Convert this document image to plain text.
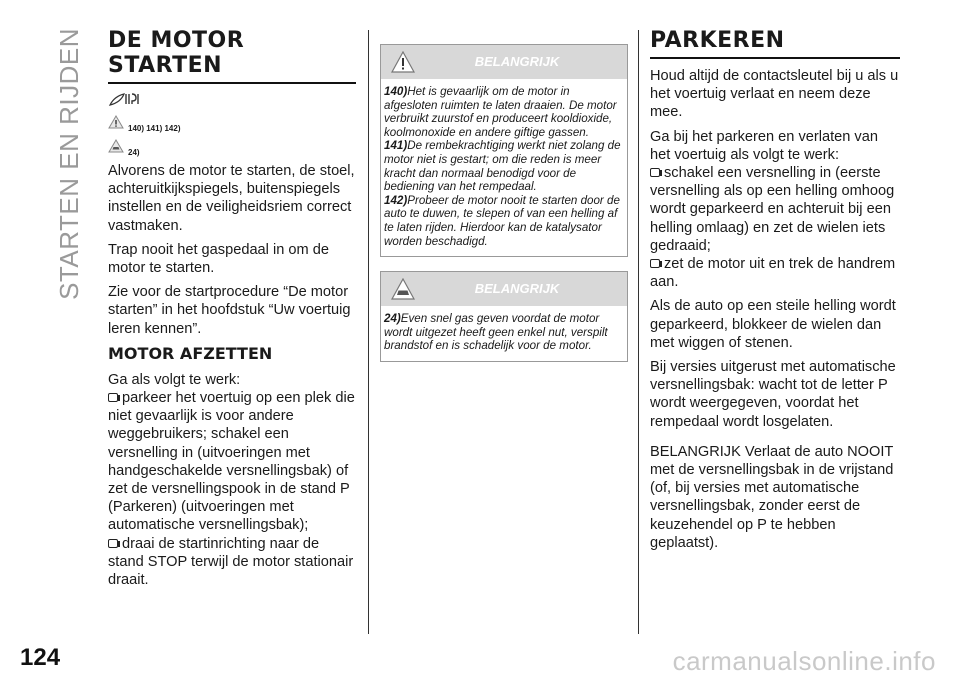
STARTEN EN RIJDEN
124	carmanualsonline.info
DE MOTOR STARTEN
140) 141) 142)
24)

Alvorens de motor te starten, de stoel, achteruitkijkspiegels, buitenspiegels instellen en de veiligheidsriem correct vastmaken.

Trap nooit het gaspedaal in om de motor te starten.

Zie voor de startprocedure “De motor starten” in het hoofdstuk “Uw voertuig leren kennen”.

MOTOR AFZETTEN

Ga als volgt te werk:

parkeer het voertuig op een plek die niet gevaarlijk is voor andere weggebruikers; schakel een versnelling in (uitvoeringen met handgeschakelde versnellingsbak) of zet de versnellingspook in de stand P (Parkeren) (uitvoeringen met automatische versnellingsbak);

draai de startinrichting naar de stand STOP terwijl de motor stationair draait.

BELANGRIJK
140)Het is gevaarlijk om de motor in afgesloten ruimten te laten draaien. De motor verbruikt zuurstof en produceert kooldioxide, koolmonoxide en andere giftige gassen.
141)De rembekrachtiging werkt niet zolang de motor niet is gestart; om die reden is meer kracht dan normaal benodigd voor de bediening van het rempedaal.
142)Probeer de motor nooit te starten door de auto te duwen, te slepen of van een helling af te laten rijden. Hierdoor kan de katalysator worden beschadigd.
BELANGRIJK
24)Even snel gas geven voordat de motor wordt uitgezet heeft geen enkel nut, verspilt brandstof en is schadelijk voor de motor.
PARKEREN

Houd altijd de contactsleutel bij u als u het voertuig verlaat en neem deze mee.

Ga bij het parkeren en verlaten van het voertuig als volgt te werk:

schakel een versnelling in (eerste versnelling als op een helling omhoog wordt geparkeerd en achteruit bij een helling omlaag) en zet de wielen iets gedraaid;

zet de motor uit en trek de handrem aan.

Als de auto op een steile helling wordt geparkeerd, blokkeer de wielen dan met wiggen of stenen.

Bij versies uitgerust met automatische versnellingsbak: wacht tot de letter P wordt weergegeven, voordat het rempedaal wordt losgelaten.

BELANGRIJK Verlaat de auto NOOIT met de versnellingsbak in de vrijstand (of, bij versies met automatische versnellingsbak, zonder eerst de keuzehendel op P te hebben geplaatst).
